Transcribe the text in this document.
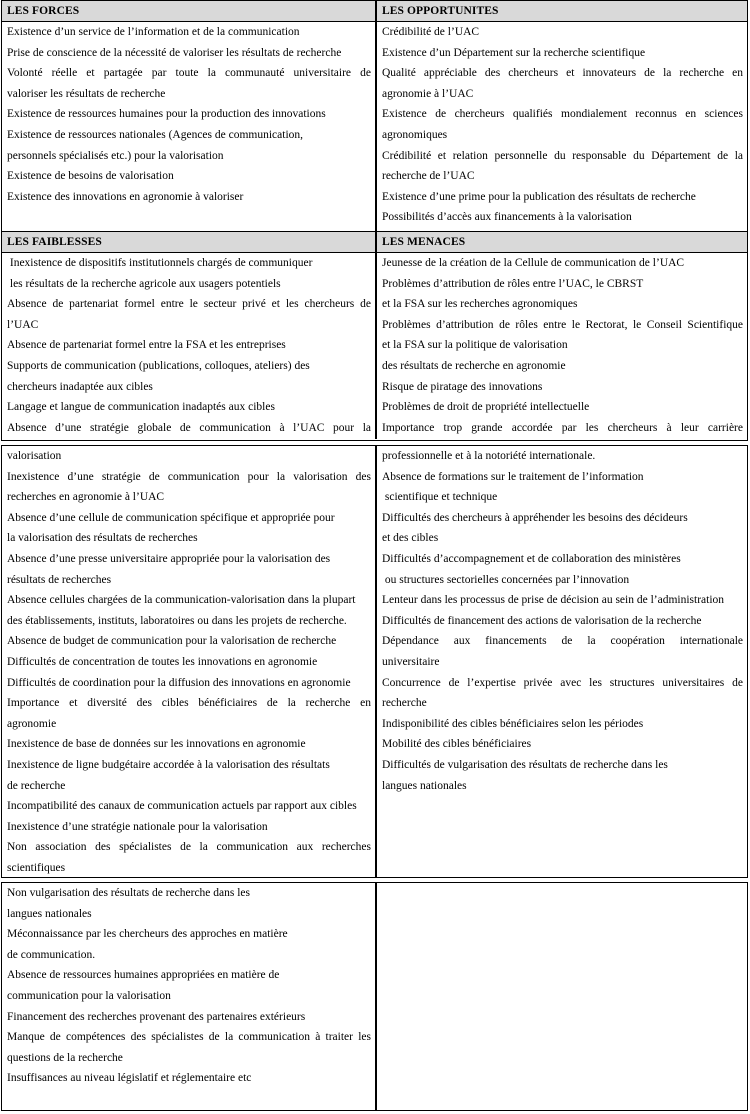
LES FORCES	LES OPPORTUNITES
Existence d’un service de l’information et de la communication
Prise de conscience de la nécessité de valoriser les résultats de recherche
Volonté réelle et partagée par toute la communauté universitaire de
valoriser les résultats de recherche
Existence de ressources humaines pour la production des innovations
Existence de ressources nationales (Agences de communication,
personnels spécialisés etc.) pour la valorisation
Existence de besoins de valorisation
Existence des innovations en agronomie à valoriser
Crédibilité de l’UAC
Existence d’un Département sur la recherche scientifique
Qualité appréciable des chercheurs et innovateurs de la recherche en
agronomie à l’UAC
Existence de chercheurs qualifiés mondialement reconnus en sciences
agronomiques
Crédibilité et relation personnelle du responsable du Département de la
recherche de l’UAC
Existence d’une prime pour la publication des résultats de recherche
Possibilités d’accès aux financements à la valorisation
LES FAIBLESSES	LES MENACES
Inexistence de dispositifs institutionnels chargés de communiquer
les résultats de la recherche agricole aux usagers potentiels
Absence de partenariat formel entre le secteur privé et les chercheurs de
l’UAC
Absence de partenariat formel entre la FSA et les entreprises
Supports de communication (publications, colloques, ateliers) des
chercheurs inadaptée aux cibles
Langage et langue de communication inadaptés aux cibles
Absence d’une stratégie globale de communication à l’UAC pour la
Jeunesse de la création de la Cellule de communication de l’UAC
Problèmes d’attribution de rôles entre l’UAC, le CBRST
et la FSA sur les recherches agronomiques
Problèmes d’attribution de rôles entre le Rectorat, le Conseil Scientifique
et la FSA sur la politique de valorisation
des résultats de recherche en agronomie
Risque de piratage des innovations
Problèmes de droit de propriété intellectuelle
Importance trop grande accordée par les chercheurs à leur carrière
valorisation
Inexistence d’une stratégie de communication pour la valorisation des
recherches en agronomie à l’UAC
Absence d’une cellule de communication spécifique et appropriée pour
la valorisation des résultats de recherches
Absence d’une presse universitaire appropriée pour la valorisation des
résultats de recherches
Absence cellules chargées de la communication-valorisation dans la plupart
des établissements, instituts, laboratoires ou dans les projets de recherche.
Absence de budget de communication pour la valorisation de recherche
Difficultés de concentration de toutes les innovations en agronomie
Difficultés de coordination pour la diffusion des innovations en agronomie
Importance et diversité des cibles bénéficiaires de la recherche en
agronomie
Inexistence de base de données sur les innovations en agronomie
Inexistence de ligne budgétaire accordée à la valorisation des résultats
de recherche
Incompatibilité des canaux de communication actuels par rapport aux cibles
Inexistence d’une stratégie nationale pour la valorisation
Non association des spécialistes de la communication aux recherches
scientifiques
professionnelle et à la notoriété internationale.
Absence de formations sur le traitement de l’information
scientifique et technique
Difficultés des chercheurs à appréhender les besoins des décideurs
et des cibles
Difficultés d’accompagnement et de collaboration des ministères
ou structures sectorielles concernées par l’innovation
Lenteur dans les processus de prise de décision au sein de l’administration
Difficultés de financement des actions de valorisation de la recherche
Dépendance aux financements de la coopération internationale
universitaire
Concurrence de l’expertise privée avec les structures universitaires de
recherche
Indisponibilité des cibles bénéficiaires selon les périodes
Mobilité des cibles bénéficiaires
Difficultés de vulgarisation des résultats de recherche dans les
langues nationales
Non vulgarisation des résultats de recherche dans les
langues nationales
Méconnaissance par les chercheurs des approches en matière
de communication.
Absence de ressources humaines appropriées en matière de
communication pour la valorisation
Financement des recherches provenant des partenaires extérieurs
Manque de compétences des spécialistes de la communication à traiter les
questions de la recherche
Insuffisances au niveau législatif et réglementaire etc
